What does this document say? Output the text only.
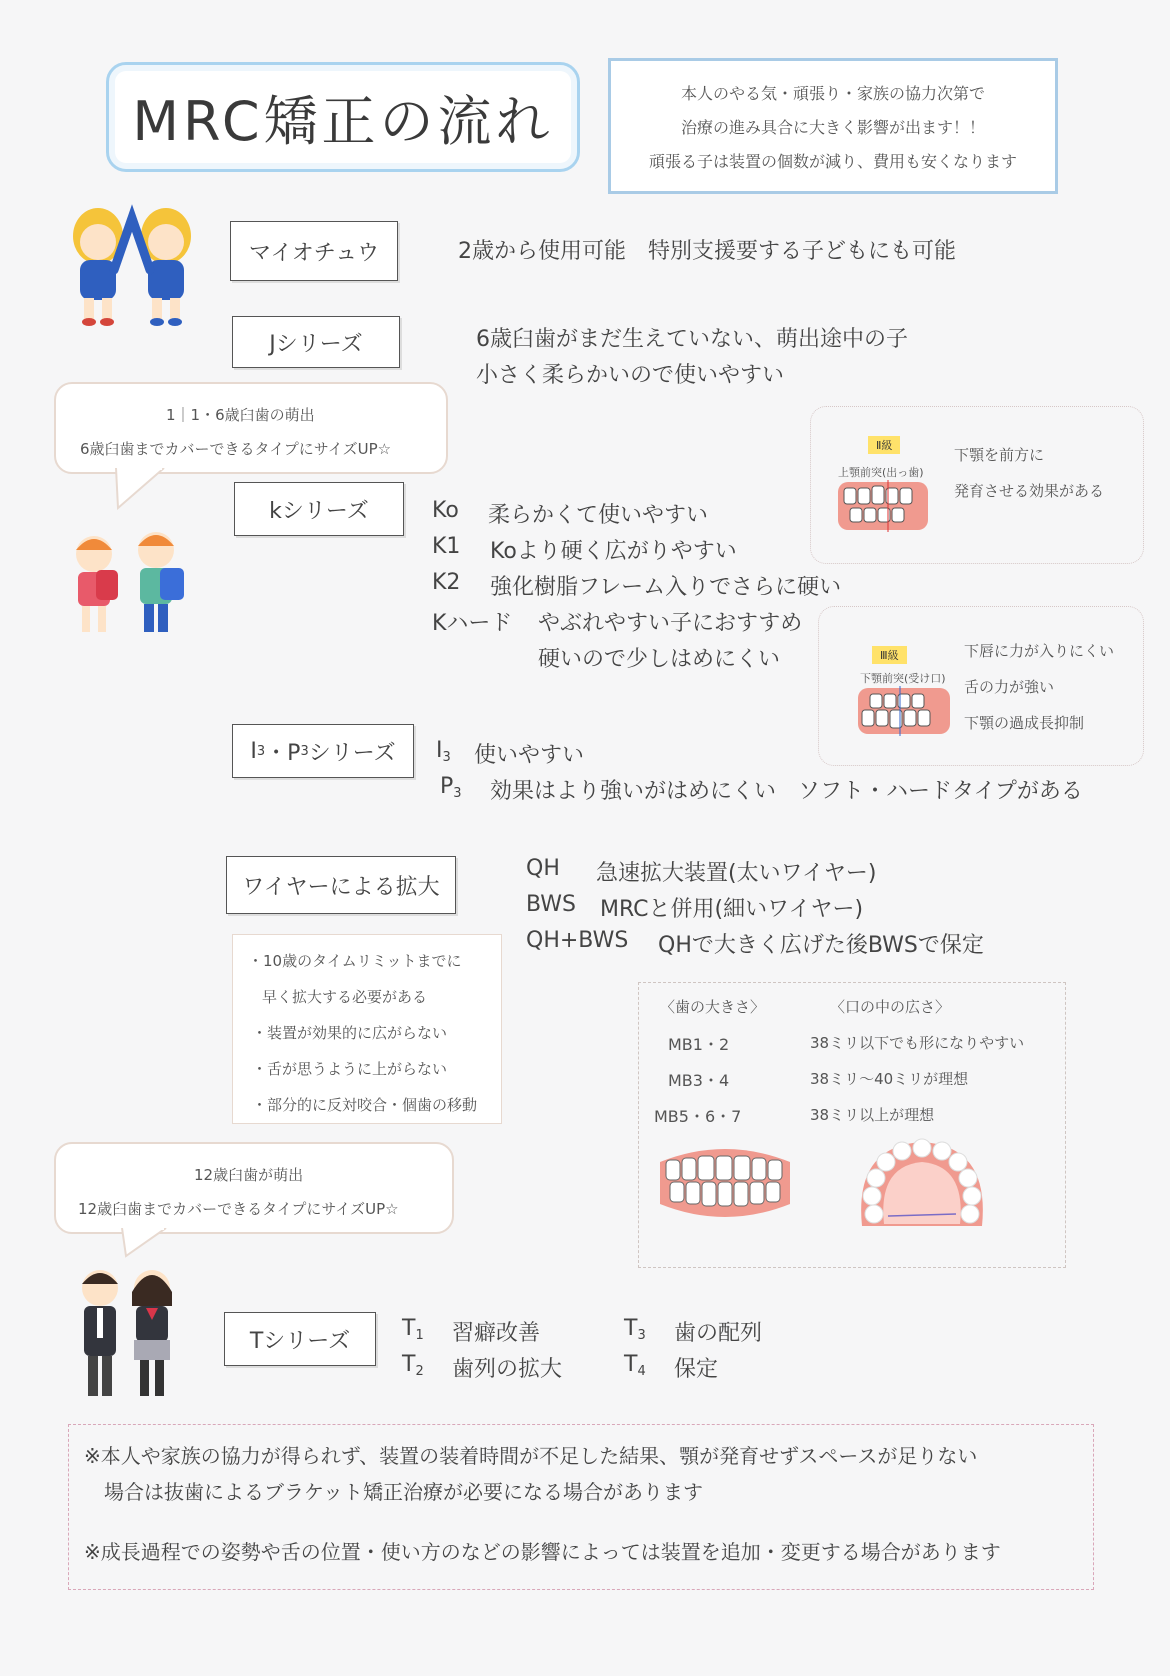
MRC矯正の流れ	本人のやる気・頑張り・家族の協力次第で
治療の進み具合に大きく影響が出ます！！
頑張る子は装置の個数が減り、費用も安くなります
マイオチュウ	2歳から使用可能　特別支援要する子どもにも可能
Jシリーズ	6歳臼歯がまだ生えていない、萌出途中の子
小さく柔らかいので使いやすい
1｜1・6歳臼歯の萌出
6歳臼歯までカバーできるタイプにサイズUP☆
kシリーズ	Ko 柔らかくて使いやすい
K1 Koより硬く広がりやすい
K2 強化樹脂フレーム入りでさらに硬い
Kハード やぶれやすい子におすすめ
硬いので少しはめにくい
Ⅱ級
上顎前突(出っ歯)
下顎を前方に
発育させる効果がある
Ⅲ級
下顎前突(受け口)
下唇に力が入りにくい
舌の力が強い
下顎の過成長抑制
I 3 ・P 3 シリーズ $I_3$ 使いやすい
$P_3$ 効果はより強いがはめにくい　ソフト・ハードタイプがある
ワイヤーによる拡大
QH 急速拡大装置(太いワイヤー)
BWS MRCと併用(細いワイヤー)
QH+BWS QHで大きく広げた後BWSで保定
・10歳のタイムリミットまでに
早く拡大する必要がある
・装置が効果的に広がらない
・舌が思うように上がらない
・部分的に反対咬合・個歯の移動
〈歯の大きさ〉	〈口の中の広さ〉
MB1・2	38ミリ以下でも形になりやすい
MB3・4	38ミリ〜40ミリが理想
MB5・6・7	38ミリ以上が理想
12歳臼歯が萌出
12歳臼歯までカバーできるタイプにサイズUP☆
Tシリーズ	$T_1$ 習癖改善
$T_2$ 歯列の拡大
$T_3$ 歯の配列
$T_4$ 保定
※本人や家族の協力が得られず、装置の装着時間が不足した結果、顎が発育せずスペースが足りない
場合は抜歯によるブラケット矯正治療が必要になる場合があります
※成長過程での姿勢や舌の位置・使い方のなどの影響によっては装置を追加・変更する場合があります
